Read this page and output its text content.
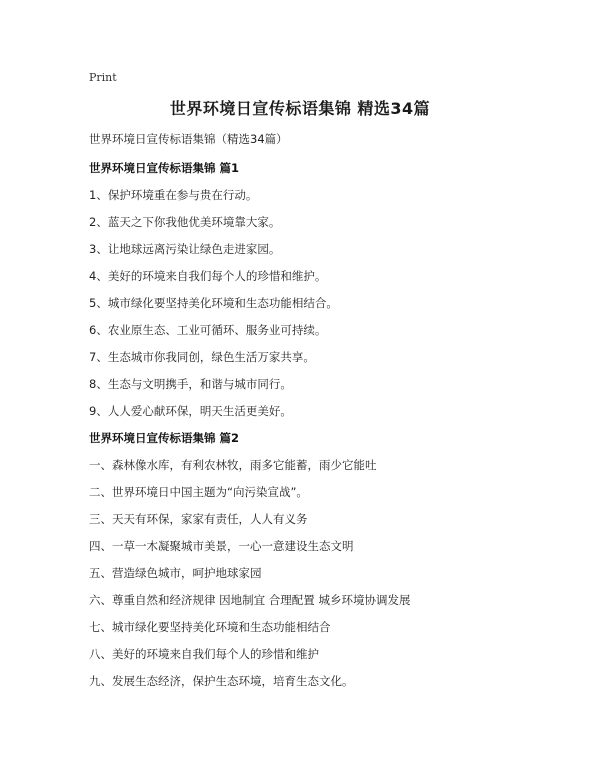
Print
世界环境日宣传标语集锦 精选34篇
世界环境日宣传标语集锦（精选34篇）
世界环境日宣传标语集锦 篇1
1、保护环境重在参与贵在行动。
2、蓝天之下你我他优美环境靠大家。
3、让地球远离污染让绿色走进家园。
4、美好的环境来自我们每个人的珍惜和维护。
5、城市绿化要坚持美化环境和生态功能相结合。
6、农业原生态、工业可循环、服务业可持续。
7、生态城市你我同创，绿色生活万家共享。
8、生态与文明携手，和谐与城市同行。
9、人人爱心献环保，明天生活更美好。
世界环境日宣传标语集锦 篇2
一、森林像水库，有利农林牧，雨多它能蓄，雨少它能吐
二、世界环境日中国主题为“向污染宣战”。
三、天天有环保，家家有责任，人人有义务
四、一草一木凝聚城市美景，一心一意建设生态文明
五、营造绿色城市，呵护地球家园
六、尊重自然和经济规律 因地制宜 合理配置 城乡环境协调发展
七、城市绿化要坚持美化环境和生态功能相结合
八、美好的环境来自我们每个人的珍惜和维护
九、发展生态经济，保护生态环境，培育生态文化。
